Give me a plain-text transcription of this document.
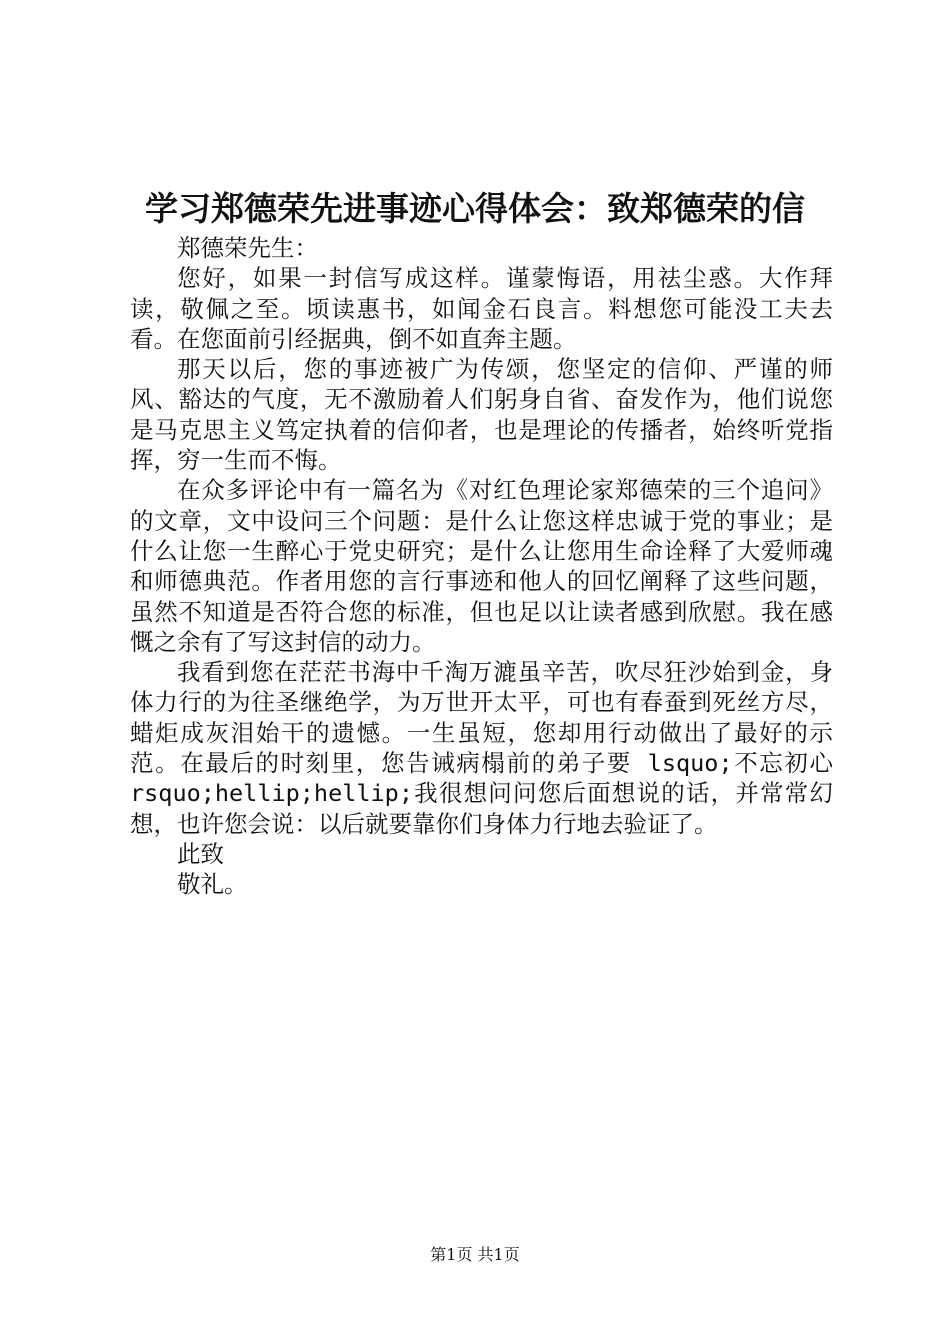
学习郑德荣先进事迹心得体会：致郑德荣的信

郑德荣先生：

您好，如果一封信写成这样。谨蒙悔语，用祛尘惑。大作拜读，敬佩之至。顷读惠书，如闻金石良言。料想您可能没工夫去看。在您面前引经据典，倒不如直奔主题。

那天以后，您的事迹被广为传颂，您坚定的信仰、严谨的师风、豁达的气度，无不激励着人们躬身自省、奋发作为，他们说您是马克思主义笃定执着的信仰者，也是理论的传播者，始终听党指挥，穷一生而不悔。

在众多评论中有一篇名为《对红色理论家郑德荣的三个追问》的文章，文中设问三个问题：是什么让您这样忠诚于党的事业；是什么让您一生醉心于党史研究；是什么让您用生命诠释了大爱师魂和师德典范。作者用您的言行事迹和他人的回忆阐释了这些问题，虽然不知道是否符合您的标准，但也足以让读者感到欣慰。我在感慨之余有了写这封信的动力。

我看到您在茫茫书海中千淘万漉虽辛苦，吹尽狂沙始到金，身体力行的为往圣继绝学，为万世开太平，可也有春蚕到死丝方尽，蜡炬成灰泪始干的遗憾。一生虽短，您却用行动做出了最好的示范。在最后的时刻里，您告诫病榻前的弟子要 lsquo;不忘初心 rsquo;hellip;hellip;我很想问问您后面想说的话，并常常幻想，也许您会说：以后就要靠你们身体力行地去验证了。

此致

敬礼。

第1页 共1页
